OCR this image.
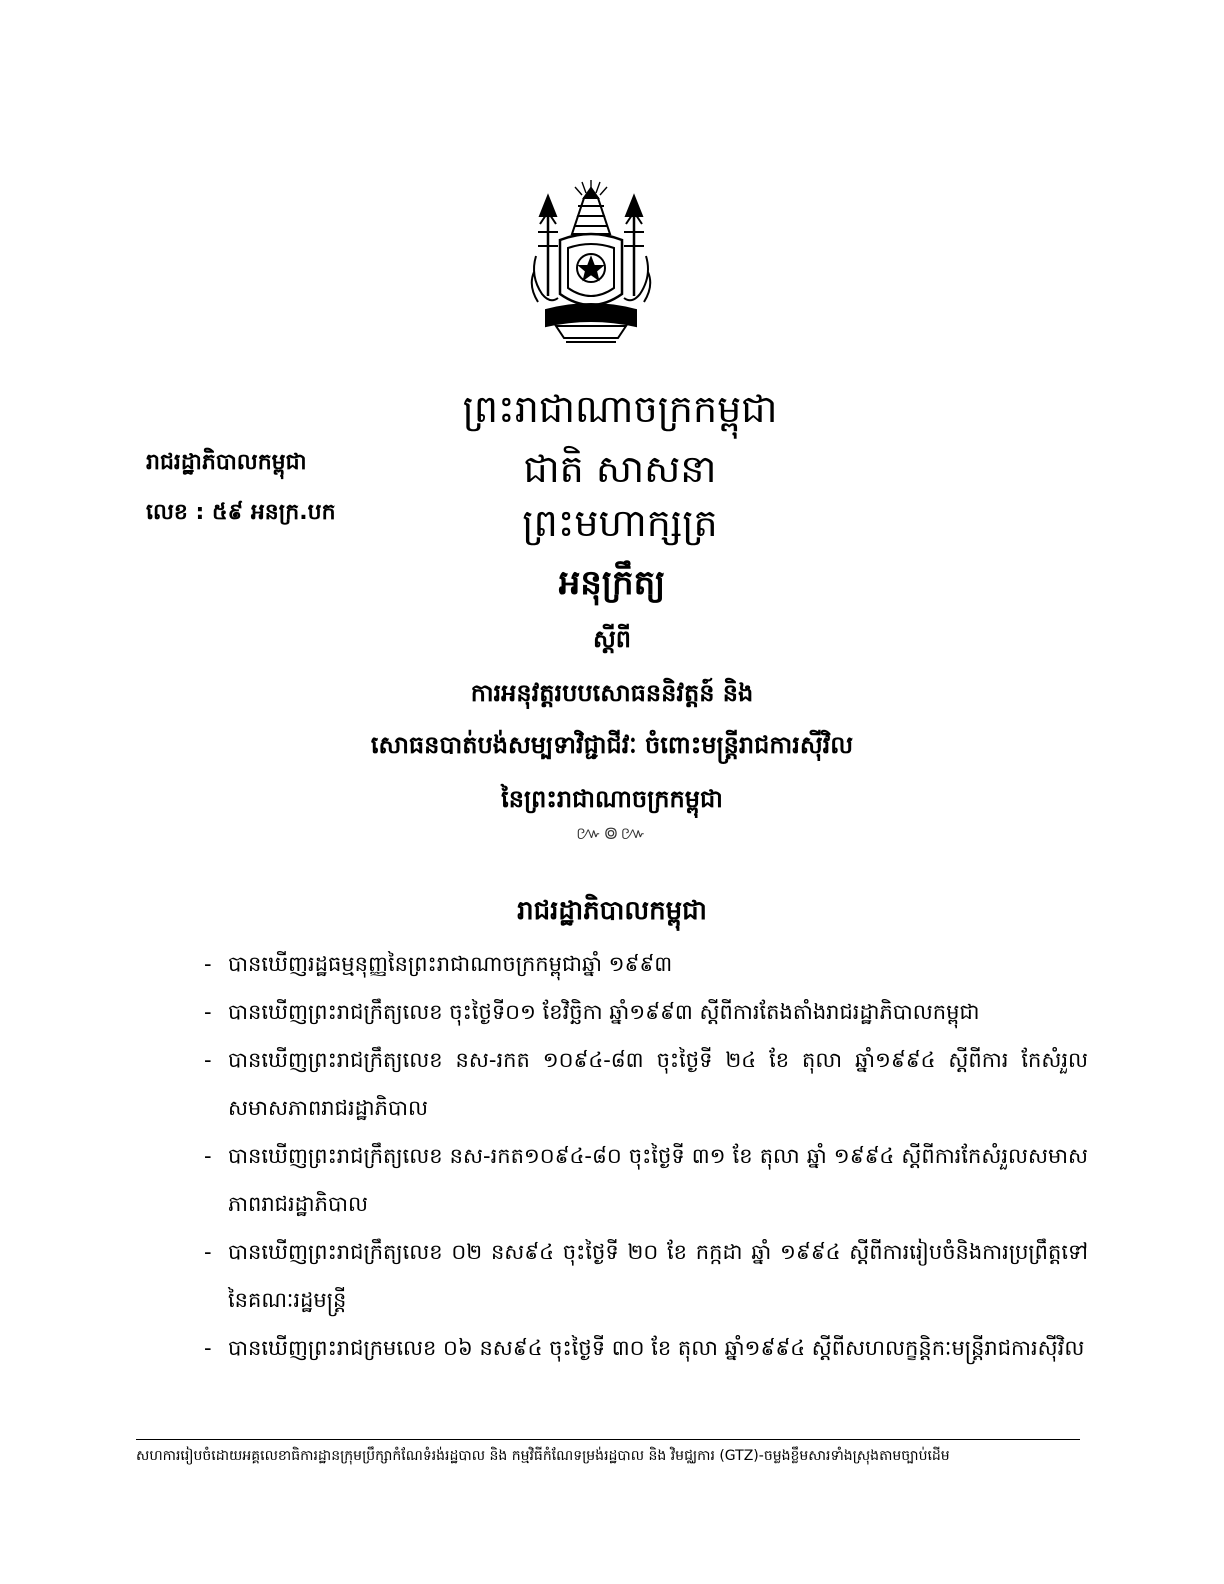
ព្រះរាជាណាចក្រកម្ពុជា
ជាតិ សាសនា ព្រះមហាក្សត្រ
រាជរដ្ឋាភិបាលកម្ពុជា
លេខ : ៥៩ អនក្រ.បក
អនុក្រឹត្យ
ស្តីពី
ការអនុវត្តរបបសោធននិវត្តន៍ និង
សោធនបាត់បង់សម្បទាវិជ្ជាជីវៈ ចំពោះមន្ត្រីរាជការស៊ីវិល
នៃព្រះរាជាណាចក្រកម្ពុជា
៚៙៚
រាជរដ្ឋាភិបាលកម្ពុជា
- បានឃើញរដ្ឋធម្មនុញ្ញនៃព្រះរាជាណាចក្រកម្ពុជាឆ្នាំ ១៩៩៣
- បានឃើញព្រះរាជក្រឹត្យលេខ ចុះថ្ងៃទី០១ ខែវិច្ឆិកា ឆ្នាំ១៩៩៣ ស្តីពីការតែងតាំងរាជរដ្ឋាភិបាលកម្ពុជា
- បានឃើញព្រះរាជក្រឹត្យលេខ នស-រកត ១០៩៤-៨៣ ចុះថ្ងៃទី ២៤ ខែ តុលា ឆ្នាំ១៩៩៤ ស្តីពីការ កែសំរួលសមាសភាពរាជរដ្ឋាភិបាល
- បានឃើញព្រះរាជក្រឹត្យលេខ នស-រកត១០៩៤-៨០ ចុះថ្ងៃទី ៣១ ខែ តុលា ឆ្នាំ ១៩៩៤ ស្តីពីការកែសំរួលសមាសភាពរាជរដ្ឋាភិបាល
- បានឃើញព្រះរាជក្រឹត្យលេខ ០២ នស៩៤ ចុះថ្ងៃទី ២០ ខែ កក្កដា ឆ្នាំ ១៩៩៤ ស្តីពីការរៀបចំនិងការប្រព្រឹត្តទៅនៃគណៈរដ្ឋមន្ត្រី
- បានឃើញព្រះរាជក្រមលេខ ០៦ នស៩៤ ចុះថ្ងៃទី ៣០ ខែ តុលា ឆ្នាំ១៩៩៤ ស្តីពីសហលក្ខន្តិកៈមន្ត្រីរាជការស៊ីវិល
សហការរៀបចំដោយអគ្គលេខាធិការដ្ឋានក្រុមប្រឹក្សាកំណែទំរង់រដ្ឋបាល និង កម្មវិធីកំណែទម្រង់រដ្ឋបាល និង វិមជ្ឈការ (GTZ)-ចម្លងខ្លឹមសារទាំងស្រុងតាមច្បាប់ដើម
